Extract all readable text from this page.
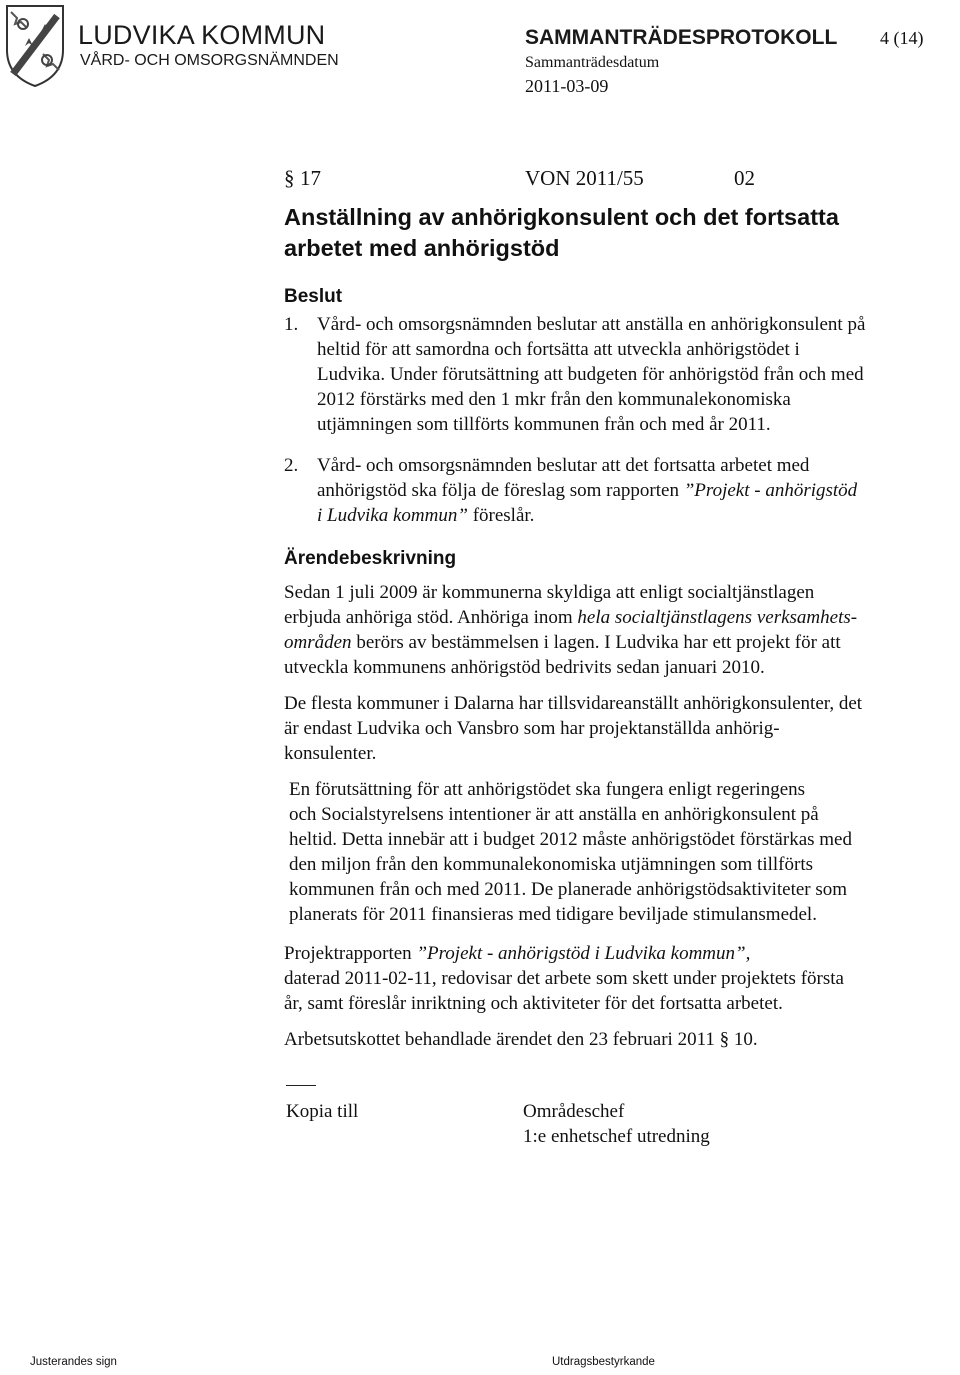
LUDVIKA KOMMUN
VÅRD- OCH OMSORGSNÄMNDEN
SAMMANTRÄDESPROTOKOLL 4 (14)
Sammanträdesdatum
2011-03-09
§ 17	VON 2011/55	02
Anställning av anhörigkonsulent och det fortsatta
arbetet med anhörigstöd
Beslut
1. Vård- och omsorgsnämnden beslutar att anställa en anhörigkonsulent på
heltid för att samordna och fortsätta att utveckla anhörigstödet i
Ludvika. Under förutsättning att budgeten för anhörigstöd från och med
2012 förstärks med den 1 mkr från den kommunalekonomiska
utjämningen som tillförts kommunen från och med år 2011.
2. Vård- och omsorgsnämnden beslutar att det fortsatta arbetet med
anhörigstöd ska följa de föreslag som rapporten ”Projekt - anhörigstöd
i Ludvika kommun” föreslår.
Ärendebeskrivning
Sedan 1 juli 2009 är kommunerna skyldiga att enligt socialtjänstlagen
erbjuda anhöriga stöd. Anhöriga inom hela socialtjänstlagens verksamhets-
områden berörs av bestämmelsen i lagen. I Ludvika har ett projekt för att
utveckla kommunens anhörigstöd bedrivits sedan januari 2010.
De flesta kommuner i Dalarna har tillsvidareanställt anhörigkonsulenter, det
är endast Ludvika och Vansbro som har projektanställda anhörig-
konsulenter.
En förutsättning för att anhörigstödet ska fungera enligt regeringens
och Socialstyrelsens intentioner är att anställa en anhörigkonsulent på
heltid. Detta innebär att i budget 2012 måste anhörigstödet förstärkas med
den miljon från den kommunalekonomiska utjämningen som tillförts
kommunen från och med 2011. De planerade anhörigstödsaktiviteter som
planerats för 2011 finansieras med tidigare beviljade stimulansmedel.
Projektrapporten ”Projekt - anhörigstöd i Ludvika kommun”,
daterad 2011-02-11, redovisar det arbete som skett under projektets första
år, samt föreslår inriktning och aktiviteter för det fortsatta arbetet.
Arbetsutskottet behandlade ärendet den 23 februari 2011 § 10.
Kopia till	Områdeschef
1:e enhetschef utredning
Justerandes sign	Utdragsbestyrkande
